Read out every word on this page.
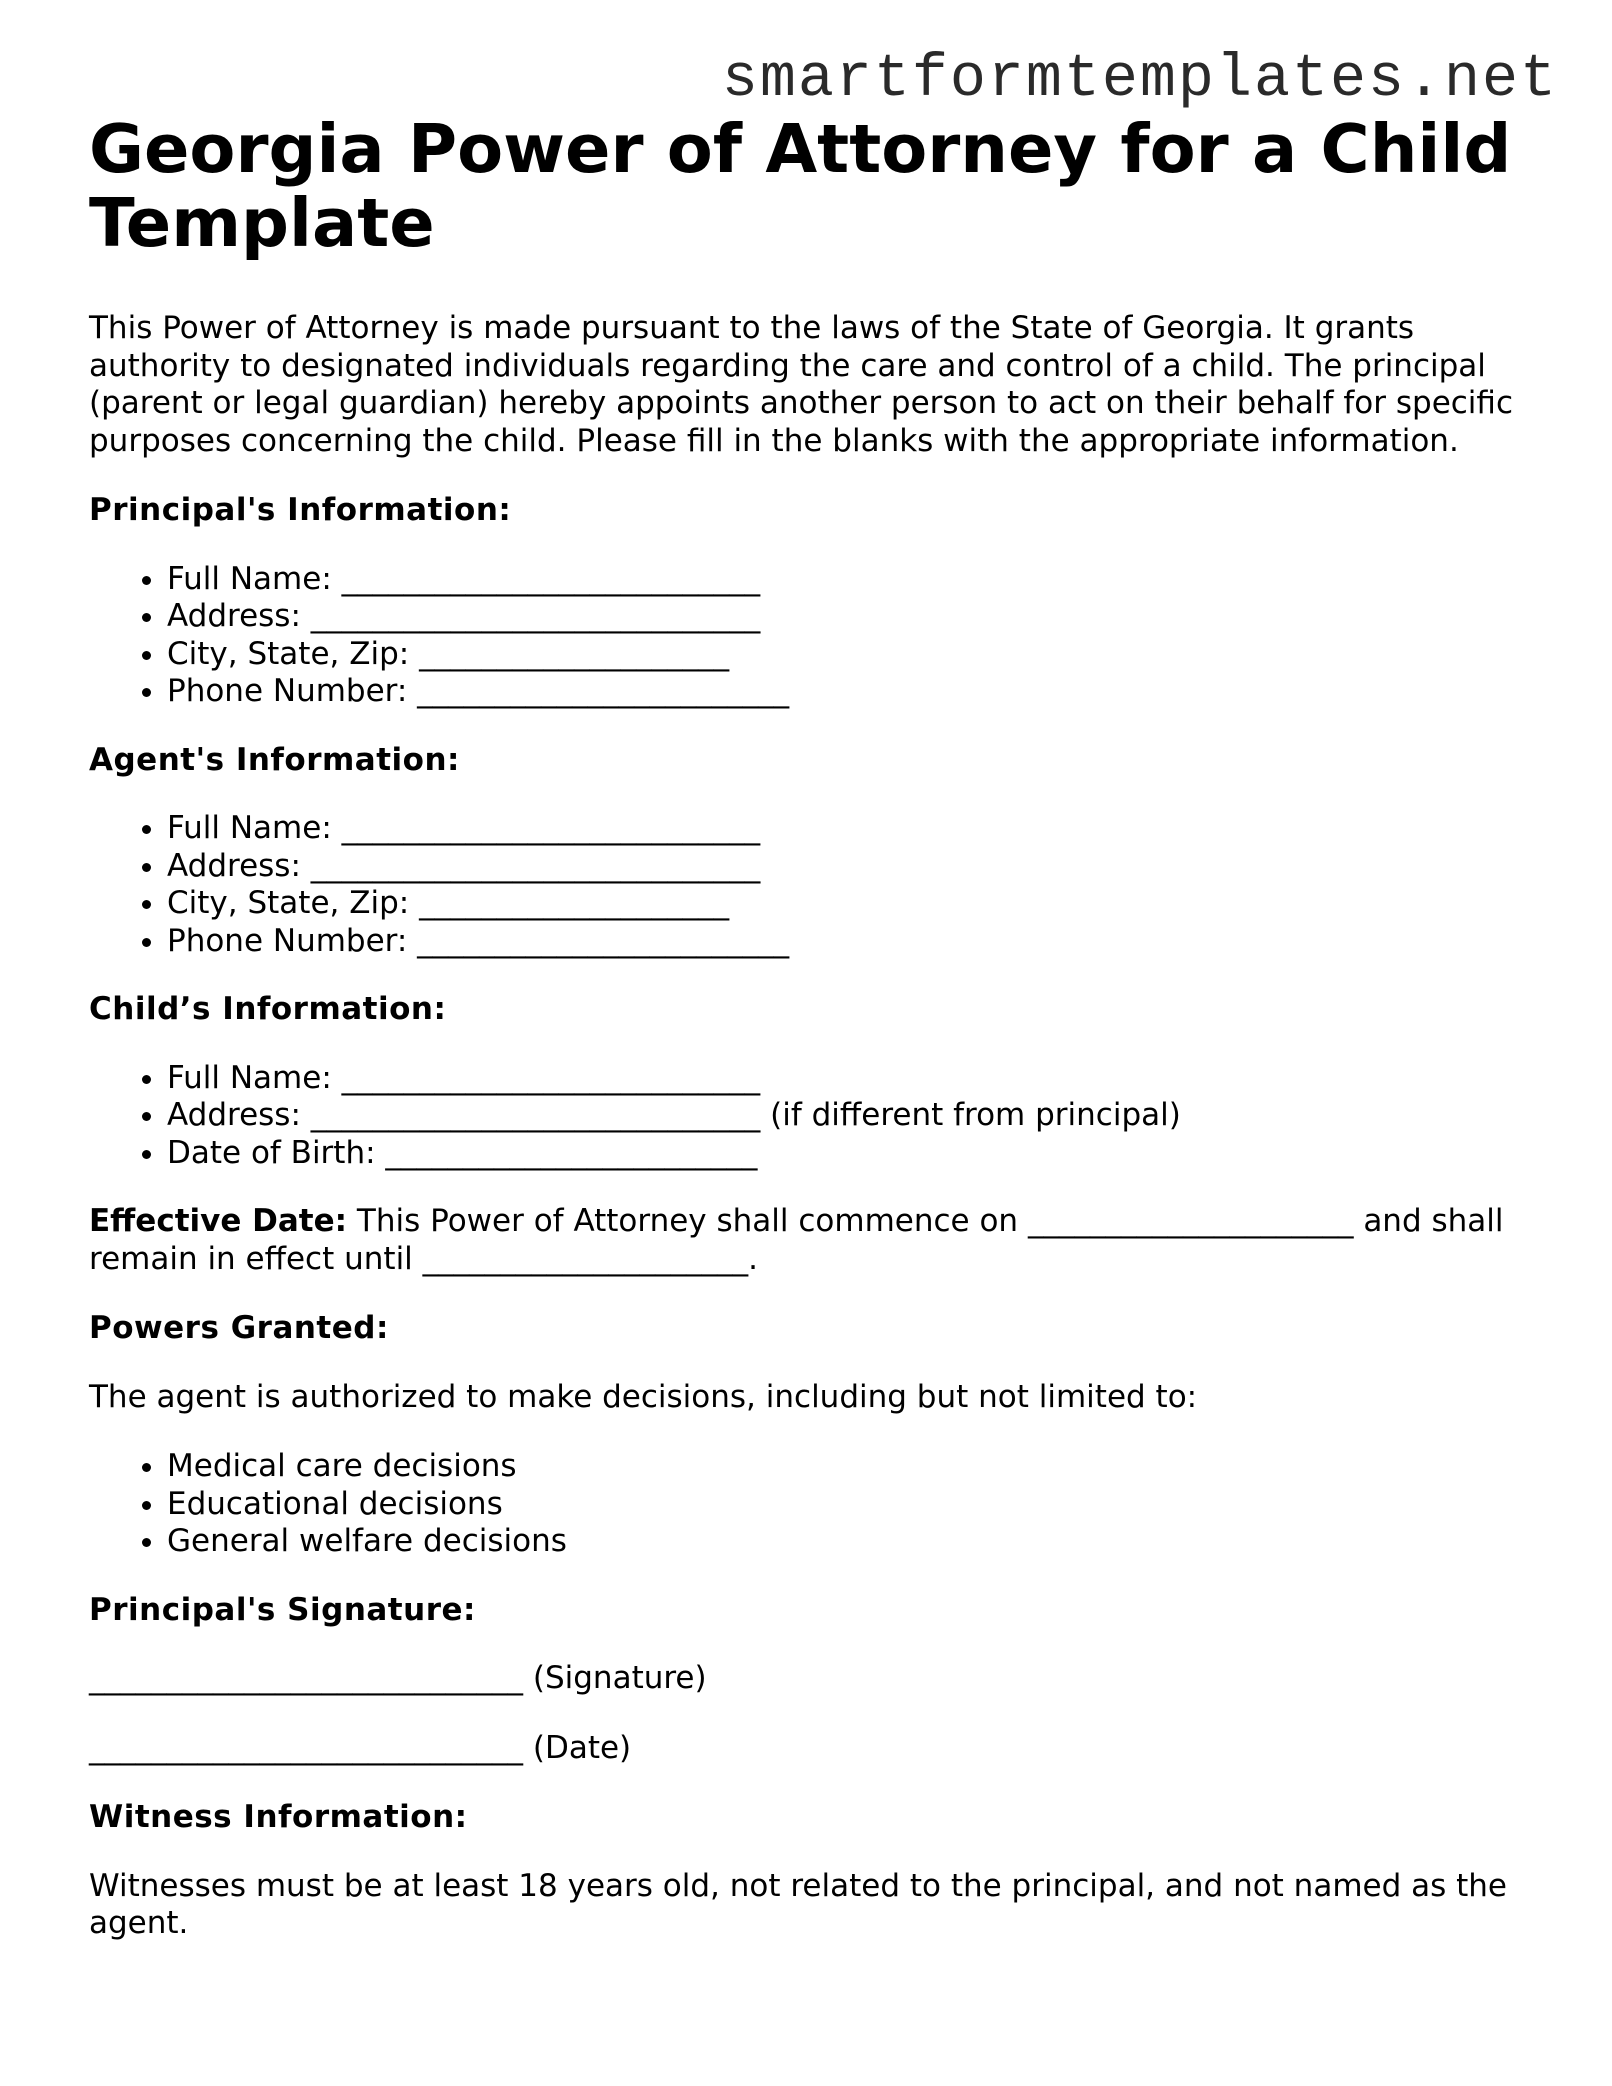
smartformtemplates.net
Georgia Power of Attorney for a Child Template

This Power of Attorney is made pursuant to the laws of the State of Georgia. It grants authority to designated individuals regarding the care and control of a child. The principal (parent or legal guardian) hereby appoints another person to act on their behalf for specific purposes concerning the child. Please fill in the blanks with the appropriate information.

Principal's Information:

• Full Name: ___________________________
• Address: _____________________________
• City, State, Zip: ____________________
• Phone Number: ________________________

Agent's Information:

• Full Name: ___________________________
• Address: _____________________________
• City, State, Zip: ____________________
• Phone Number: ________________________

Child’s Information:

• Full Name: ___________________________
• Address: _____________________________ (if different from principal)
• Date of Birth: ________________________

Effective Date: This Power of Attorney shall commence on _____________________ and shall remain in effect until _____________________.

Powers Granted:

The agent is authorized to make decisions, including but not limited to:

• Medical care decisions
• Educational decisions
• General welfare decisions

Principal's Signature:

____________________________ (Signature)

____________________________ (Date)

Witness Information:

Witnesses must be at least 18 years old, not related to the principal, and not named as the agent.
